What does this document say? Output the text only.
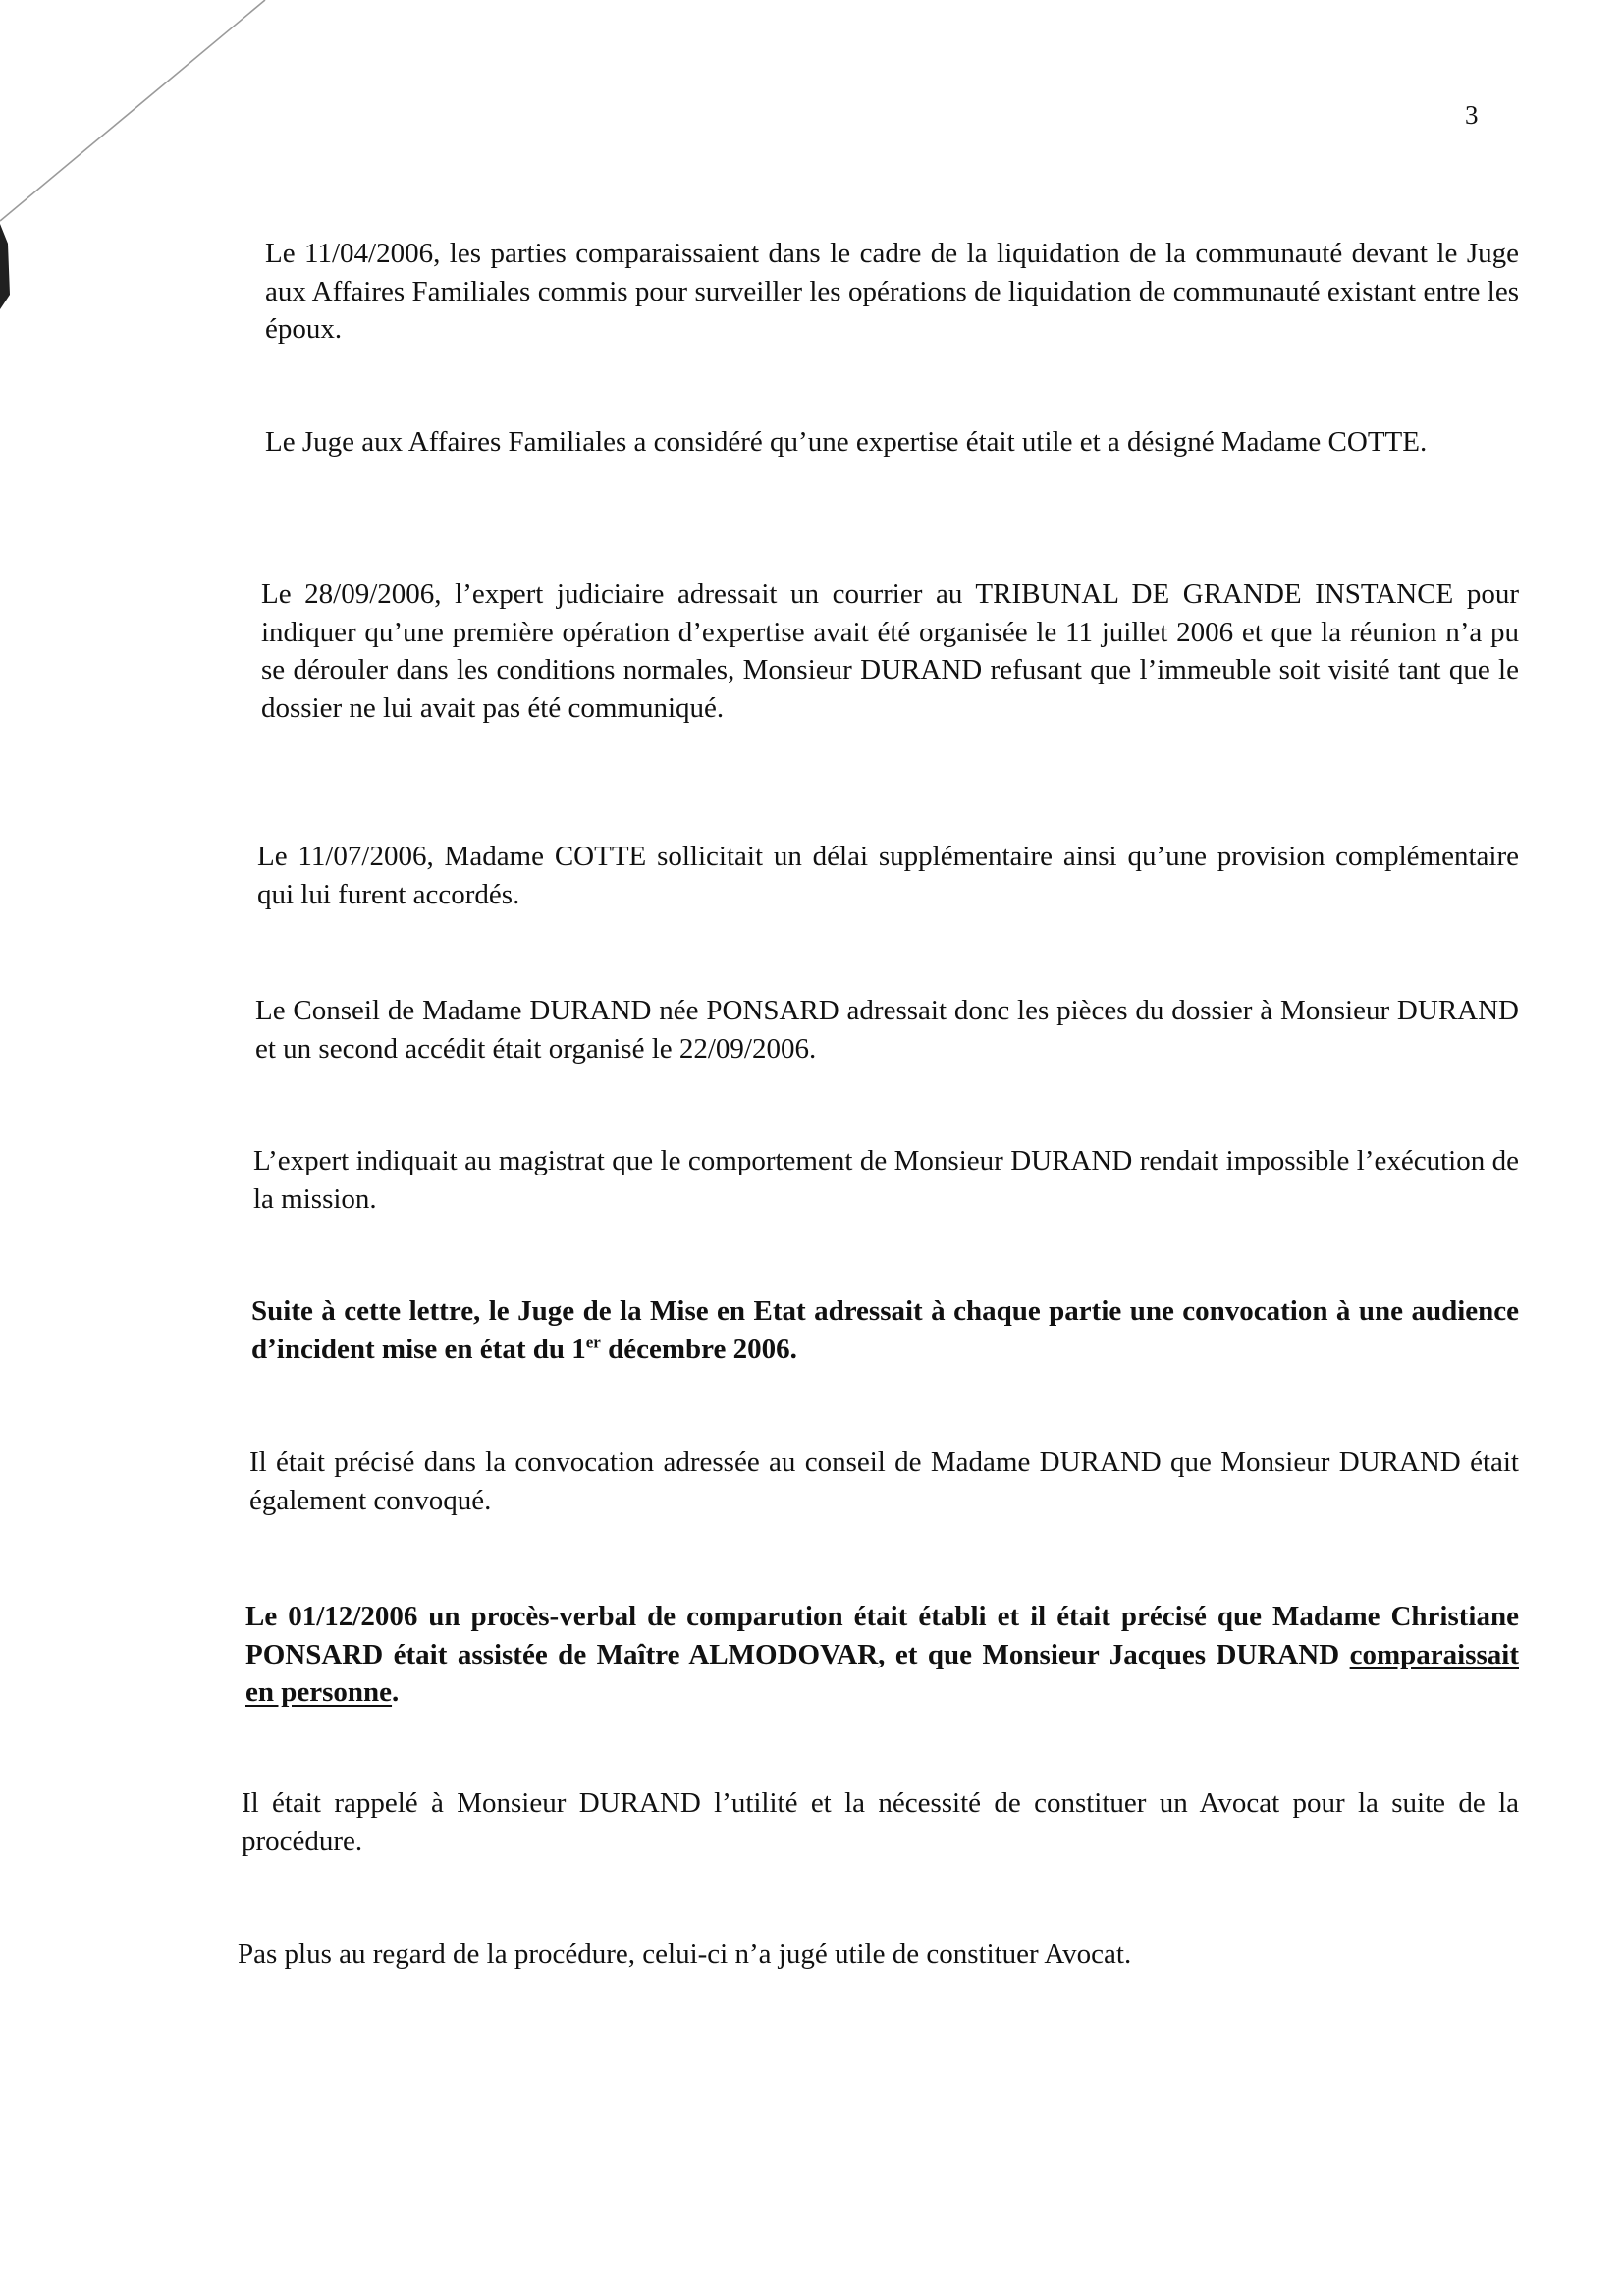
3

Le 11/04/2006, les parties comparaissaient dans le cadre de la liquidation de la communauté devant le Juge aux Affaires Familiales commis pour surveiller les opérations de liquidation de communauté existant entre les époux.

Le Juge aux Affaires Familiales a considéré qu’une expertise était utile et a désigné Madame COTTE.

Le 28/09/2006, l’expert judiciaire adressait un courrier au TRIBUNAL DE GRANDE INSTANCE pour indiquer qu’une première opération d’expertise avait été organisée le 11 juillet 2006 et que la réunion n’a pu se dérouler dans les conditions normales, Monsieur DURAND refusant que l’immeuble soit visité tant que le dossier ne lui avait pas été communiqué.

Le 11/07/2006, Madame COTTE sollicitait un délai supplémentaire ainsi qu’une provision complémentaire qui lui furent accordés.

Le Conseil de Madame DURAND née PONSARD adressait donc les pièces du dossier à Monsieur DURAND et un second accédit était organisé le 22/09/2006.

L’expert indiquait au magistrat que le comportement de Monsieur DURAND rendait impossible l’exécution de la mission.

Suite à cette lettre, le Juge de la Mise en Etat adressait à chaque partie une convocation à une audience d’incident mise en état du 1er décembre 2006.

Il était précisé dans la convocation adressée au conseil de Madame DURAND que Monsieur DURAND était également convoqué.

Le 01/12/2006 un procès-verbal de comparution était établi et il était précisé que Madame Christiane PONSARD était assistée de Maître ALMODOVAR, et que Monsieur Jacques DURAND comparaissait en personne.

Il était rappelé à Monsieur DURAND l’utilité et la nécessité de constituer un Avocat pour la suite de la procédure.

Pas plus au regard de la procédure, celui-ci n’a jugé utile de constituer Avocat.
